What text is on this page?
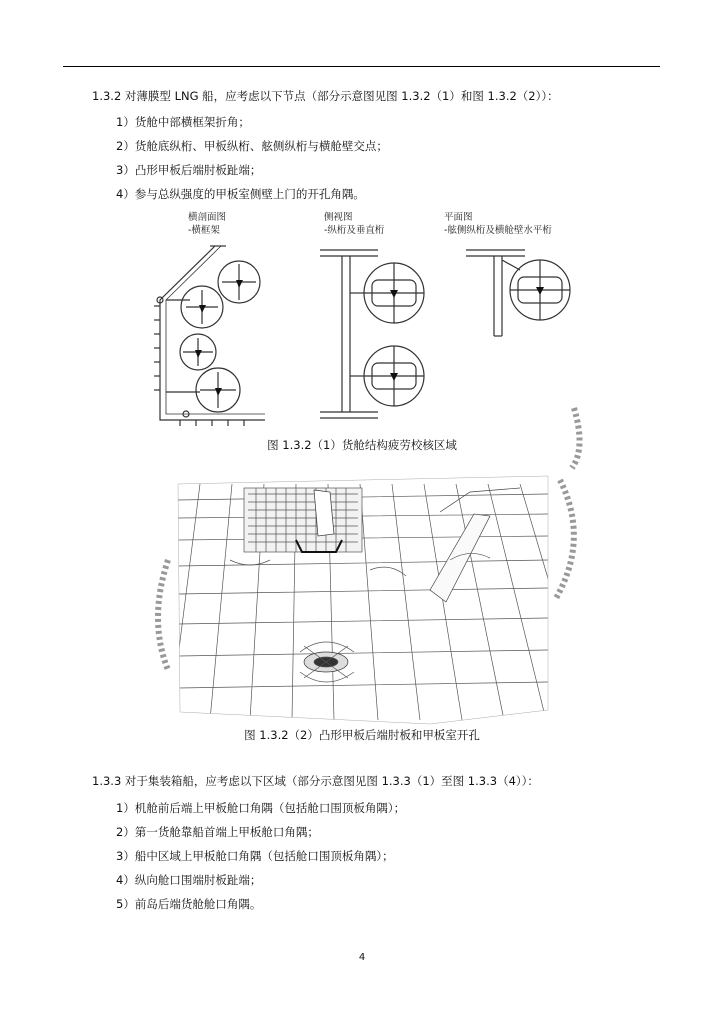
1.3.2 对薄膜型 LNG 船，应考虑以下节点（部分示意图见图 1.3.2（1）和图 1.3.2（2））：
1）货舱中部横框架折角；
2）货舱底纵桁、甲板纵桁、舷侧纵桁与横舱壁交点；
3）凸形甲板后端肘板趾端；
4）参与总纵强度的甲板室侧壁上门的开孔角隅。
横剖面图
-横框架
侧视图
-纵桁及垂直桁
平面图
-舷侧纵桁及横舱壁水平桁
图 1.3.2（1）货舱结构疲劳校核区域
图 1.3.2（2）凸形甲板后端肘板和甲板室开孔
1.3.3 对于集装箱船，应考虑以下区域（部分示意图见图 1.3.3（1）至图 1.3.3（4））：
1）机舱前后端上甲板舱口角隅（包括舱口围顶板角隅）；
2）第一货舱靠船首端上甲板舱口角隅；
3）船中区域上甲板舱口角隅（包括舱口围顶板角隅）；
4）纵向舱口围端肘板趾端；
5）前岛后端货舱舱口角隅。
4
